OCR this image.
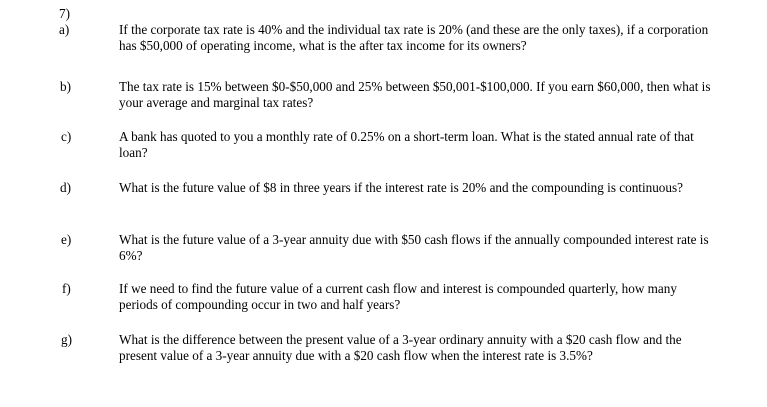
7)

a)	If the corporate tax rate is 40% and the individual tax rate is 20% (and these are the only taxes), if a corporation has $50,000 of operating income, what is the after tax income for its owners?

b)	The tax rate is 15% between $0-$50,000 and 25% between $50,001-$100,000. If you earn $60,000, then what is your average and marginal tax rates?

c)	A bank has quoted to you a monthly rate of 0.25% on a short-term loan. What is the stated annual rate of that loan?

d)	What is the future value of $8 in three years if the interest rate is 20% and the compounding is continuous?

e)	What is the future value of a 3-year annuity due with $50 cash flows if the annually compounded interest rate is 6%?

f)	If we need to find the future value of a current cash flow and interest is compounded quarterly, how many periods of compounding occur in two and half years?

g)	What is the difference between the present value of a 3-year ordinary annuity with a $20 cash flow and the present value of a 3-year annuity due with a $20 cash flow when the interest rate is 3.5%?
